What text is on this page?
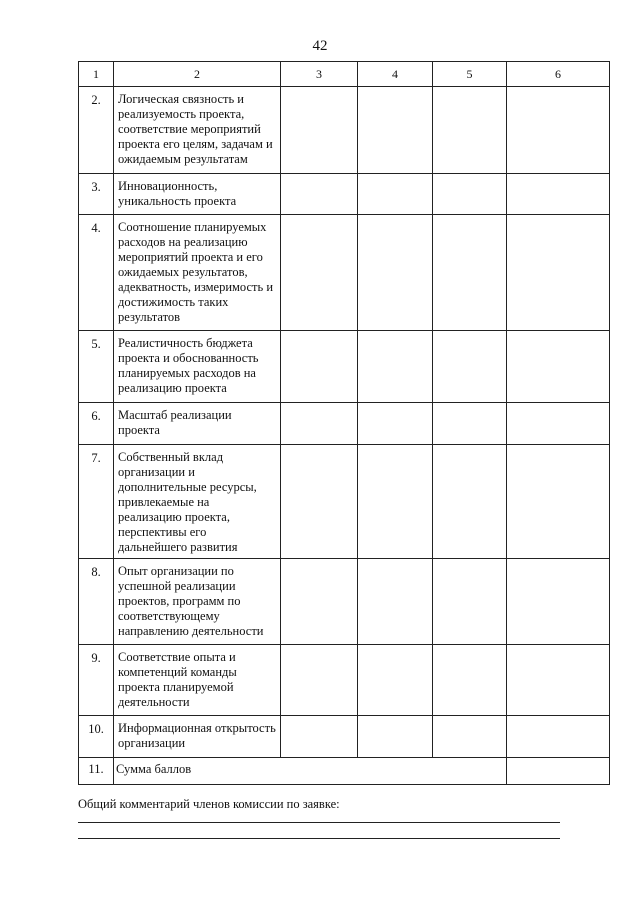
42
1	2	3	4	5	6
2.	Логическая связность и реализуемость проекта, соответствие мероприятий проекта его целям, задачам и ожидаемым результатам				
3.	Инновационность, уникальность проекта				
4.	Соотношение планируемых расходов на реализацию мероприятий проекта и его ожидаемых результатов, адекватность, измеримость и достижимость таких результатов				
5.	Реалистичность бюджета проекта и обоснованность планируемых расходов на реализацию проекта				
6.	Масштаб реализации проекта				
7.	Собственный вклад организации и дополнительные ресурсы, привлекаемые на реализацию проекта, перспективы его дальнейшего развития				
8.	Опыт организации по успешной реализации проектов, программ по соответствующему направлению деятельности				
9.	Соответствие опыта и компетенций команды проекта планируемой деятельности				
10.	Информационная открытость организации				
11.	Сумма баллов				
Общий комментарий членов комиссии по заявке:
